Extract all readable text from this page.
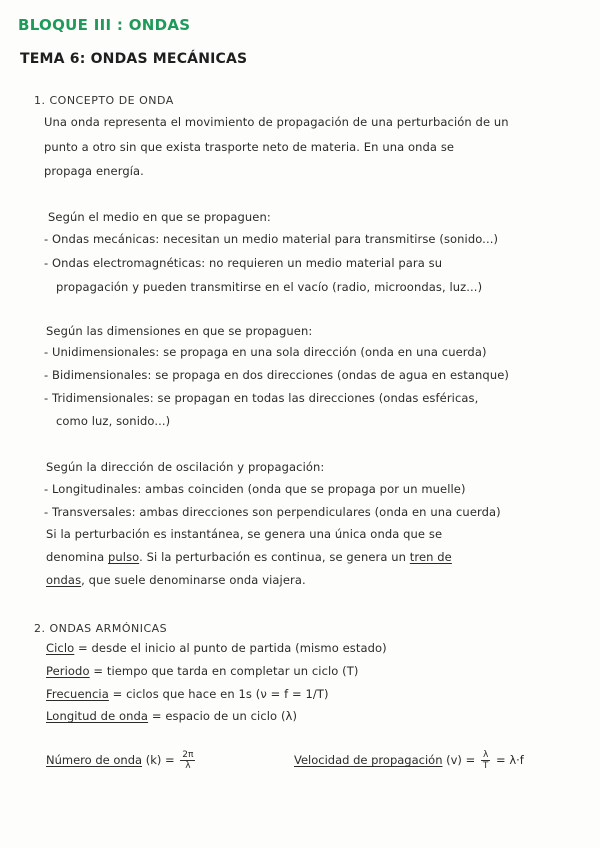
BLOQUE III : ONDAS
TEMA 6: ONDAS MECÁNICAS
1. CONCEPTO DE ONDA
Una onda representa el movimiento de propagación de una perturbación de un
punto a otro sin que exista trasporte neto de materia. En una onda se
propaga energía.
Según el medio en que se propaguen:
- Ondas mecánicas: necesitan un medio material para transmitirse (sonido...)
- Ondas electromagnéticas: no requieren un medio material para su
propagación y pueden transmitirse en el vacío (radio, microondas, luz...)
Según las dimensiones en que se propaguen:
- Unidimensionales: se propaga en una sola dirección (onda en una cuerda)
- Bidimensionales: se propaga en dos direcciones (ondas de agua en estanque)
- Tridimensionales: se propagan en todas las direcciones (ondas esféricas,
como luz, sonido...)
Según la dirección de oscilación y propagación:
- Longitudinales: ambas coinciden (onda que se propaga por un muelle)
- Transversales: ambas direcciones son perpendiculares (onda en una cuerda)
Si la perturbación es instantánea, se genera una única onda que se
denomina pulso. Si la perturbación es continua, se genera un tren de
ondas, que suele denominarse onda viajera.
2. ONDAS ARMÓNICAS
Ciclo = desde el inicio al punto de partida (mismo estado)
Periodo = tiempo que tarda en completar un ciclo (T)
Frecuencia = ciclos que hace en 1s (ν = f = 1/T)
Longitud de onda = espacio de un ciclo (λ)
Número de onda $(k) = \frac{2\pi}{\lambda}$	Velocidad de propagación $(v) = \frac{\lambda}{T} = \lambda\cdot f$
